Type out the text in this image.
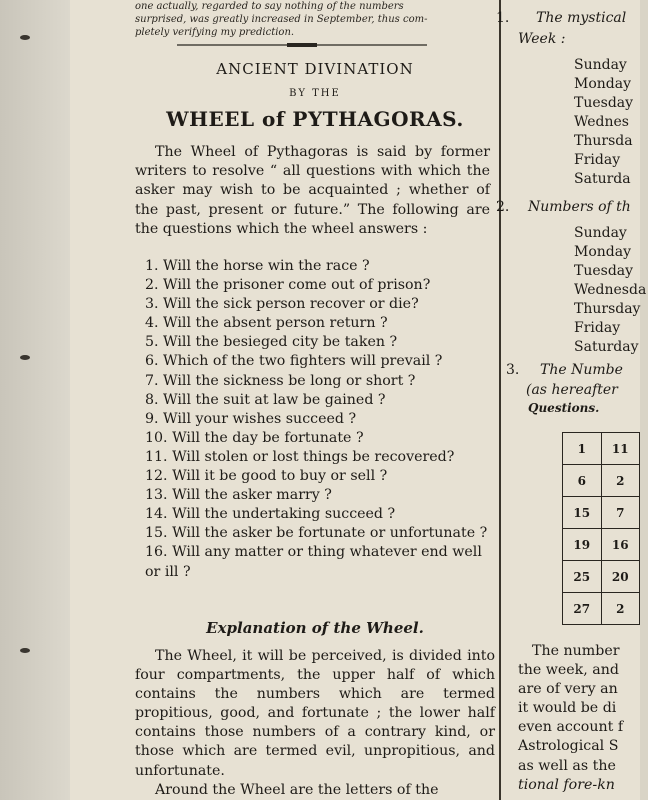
one actually, regarded to say nothing of the numbers
surprised, was greatly increased in September, thus com-
pletely verifying my prediction.
ANCIENT DIVINATION
BY THE
WHEEL of PYTHAGORAS.
The Wheel of Pythagoras is said by former writers to resolve “ all questions with which the asker may wish to be acquainted ; whether of the past, present or future.” The following are the questions which the wheel answers :
1. Will the horse win the race ?
2. Will the prisoner come out of prison?
3. Will the sick person recover or die?
4. Will the absent person return ?
5. Will the besieged city be taken ?
6. Which of the two fighters will prevail ?
7. Will the sickness be long or short ?
8. Will the suit at law be gained ?
9. Will your wishes succeed ?
10. Will the day be fortunate ?
11. Will stolen or lost things be recovered?
12. Will it be good to buy or sell ?
13. Will the asker marry ?
14. Will the undertaking succeed ?
15. Will the asker be fortunate or unfortunate ?
16. Will any matter or thing whatever end well or ill ?
Explanation of the Wheel.
The Wheel, it will be perceived, is divided into four compartments, the upper half of which contains the numbers which are termed propitious, good, and fortunate ; the lower half contains those numbers of a contrary kind, or those which are termed evil, unpropitious, and unfortunate.
Around the Wheel are the letters of the
1. The mystical
Week :
Sunday
Monday
Tuesday
Wednes
Thursda
Friday
Saturda
2. Numbers of th
Sunday
Monday
Tuesday
Wednesda
Thursday
Friday
Saturday
3. The Numbe
(as hereafter
Questions.
1	11
6	2
15	7
19	16
25	20
27	2
The number
the week, and
are of very an
it would be di
even account f
Astrological S
as well as the
tional fore-kn
